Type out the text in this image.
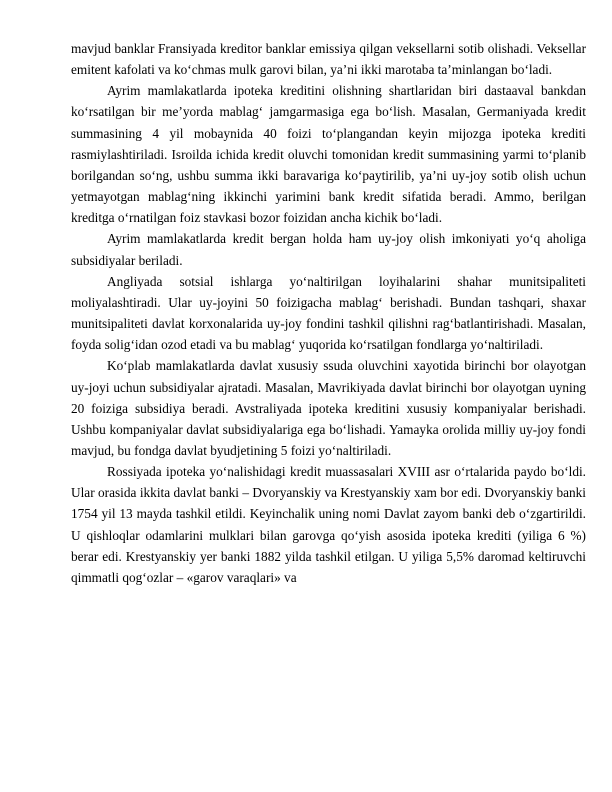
mavjud banklar Fransiyada kreditor banklar emissiya qilgan veksellarni sotib olishadi. Veksellar emitent kafolati va ko‘chmas mulk garovi bilan, ya’ni ikki marotaba ta’minlangan bo‘ladi.

Ayrim mamlakatlarda ipoteka kreditini olishning shartlaridan biri dastaaval bankdan ko‘rsatilgan bir me’yorda mablag‘ jamgarmasiga ega bo‘lish. Masalan, Germaniyada kredit summasining 4 yil mobaynida 40 foizi to‘plangandan keyin mijozga ipoteka krediti rasmiylashtiriladi. Isroilda ichida kredit oluvchi tomonidan kredit summasining yarmi to‘planib borilgandan so‘ng, ushbu summa ikki baravariga ko‘paytirilib, ya’ni uy-joy sotib olish uchun yetmayotgan mablag‘ning ikkinchi yarimini bank kredit sifatida beradi. Ammo, berilgan kreditga o‘rnatilgan foiz stavkasi bozor foizidan ancha kichik bo‘ladi.

Ayrim mamlakatlarda kredit bergan holda ham uy-joy olish imkoniyati yo‘q aholiga subsidiyalar beriladi.

Angliyada sotsial ishlarga yo‘naltirilgan loyihalarini shahar munitsipaliteti moliyalashtiradi. Ular uy-joyini 50 foizigacha mablag‘ berishadi. Bundan tashqari, shaxar munitsipaliteti davlat korxonalarida uy-joy fondini tashkil qilishni rag‘batlantirishadi. Masalan, foyda solig‘idan ozod etadi va bu mablag‘ yuqorida ko‘rsatilgan fondlarga yo‘naltiriladi.

Ko‘plab mamlakatlarda davlat xususiy ssuda oluvchini xayotida birinchi bor olayotgan uy-joyi uchun subsidiyalar ajratadi. Masalan, Mavrikiyada davlat birinchi bor olayotgan uyning 20 foiziga subsidiya beradi. Avstraliyada ipoteka kreditini xususiy kompaniyalar berishadi. Ushbu kompaniyalar davlat subsidiyalariga ega bo‘lishadi. Yamayka orolida milliy uy-joy fondi mavjud, bu fondga davlat byudjetining 5 foizi yo‘naltiriladi.

Rossiyada ipoteka yo‘nalishidagi kredit muassasalari XVIII asr o‘rtalarida paydo bo‘ldi. Ular orasida ikkita davlat banki – Dvoryanskiy va Krestyanskiy xam bor edi. Dvoryanskiy banki 1754 yil 13 mayda tashkil etildi. Keyinchalik uning nomi Davlat zayom banki deb o‘zgartirildi. U qishloqlar odamlarini mulklari bilan garovga qo‘yish asosida ipoteka krediti (yiliga 6 %) berar edi. Krestyanskiy yer banki 1882 yilda tashkil etilgan. U yiliga 5,5% daromad keltiruvchi qimmatli qog‘ozlar – «garov varaqlari» va
